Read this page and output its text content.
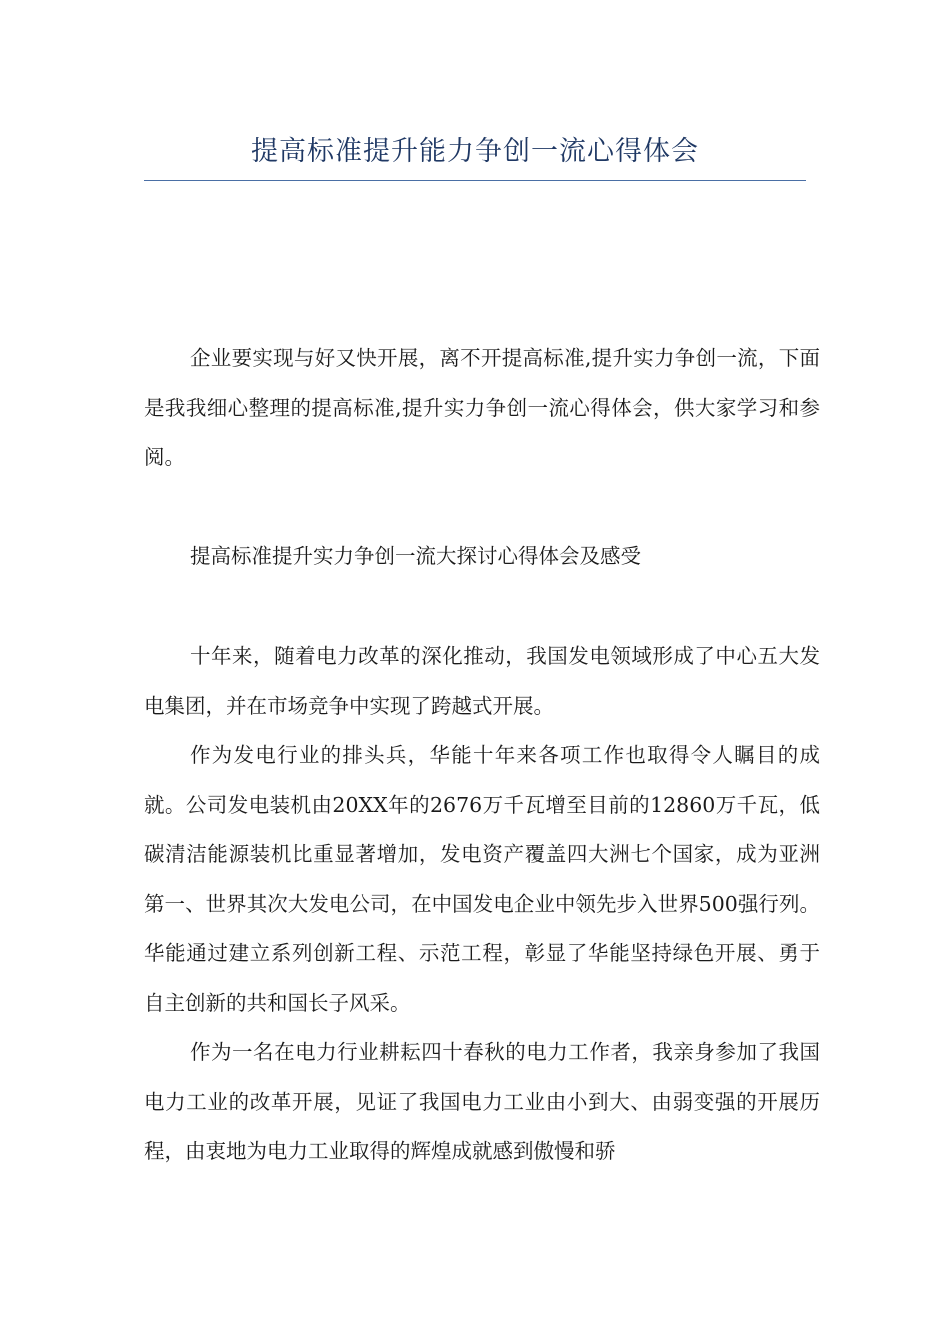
提高标准提升能力争创一流心得体会

企业要实现与好又快开展，离不开提高标准,提升实力争创一流，下面是我我细心整理的提高标准,提升实力争创一流心得体会，供大家学习和参阅。

提高标准提升实力争创一流大探讨心得体会及感受

十年来，随着电力改革的深化推动，我国发电领域形成了中心五大发电集团，并在市场竞争中实现了跨越式开展。

作为发电行业的排头兵，华能十年来各项工作也取得令人瞩目的成就。公司发电装机由20XX年的2676万千瓦增至目前的12860万千瓦，低碳清洁能源装机比重显著增加，发电资产覆盖四大洲七个国家，成为亚洲第一、世界其次大发电公司，在中国发电企业中领先步入世界500强行列。华能通过建立系列创新工程、示范工程，彰显了华能坚持绿色开展、勇于自主创新的共和国长子风采。

作为一名在电力行业耕耘四十春秋的电力工作者，我亲身参加了我国电力工业的改革开展，见证了我国电力工业由小到大、由弱变强的开展历程，由衷地为电力工业取得的辉煌成就感到傲慢和骄
